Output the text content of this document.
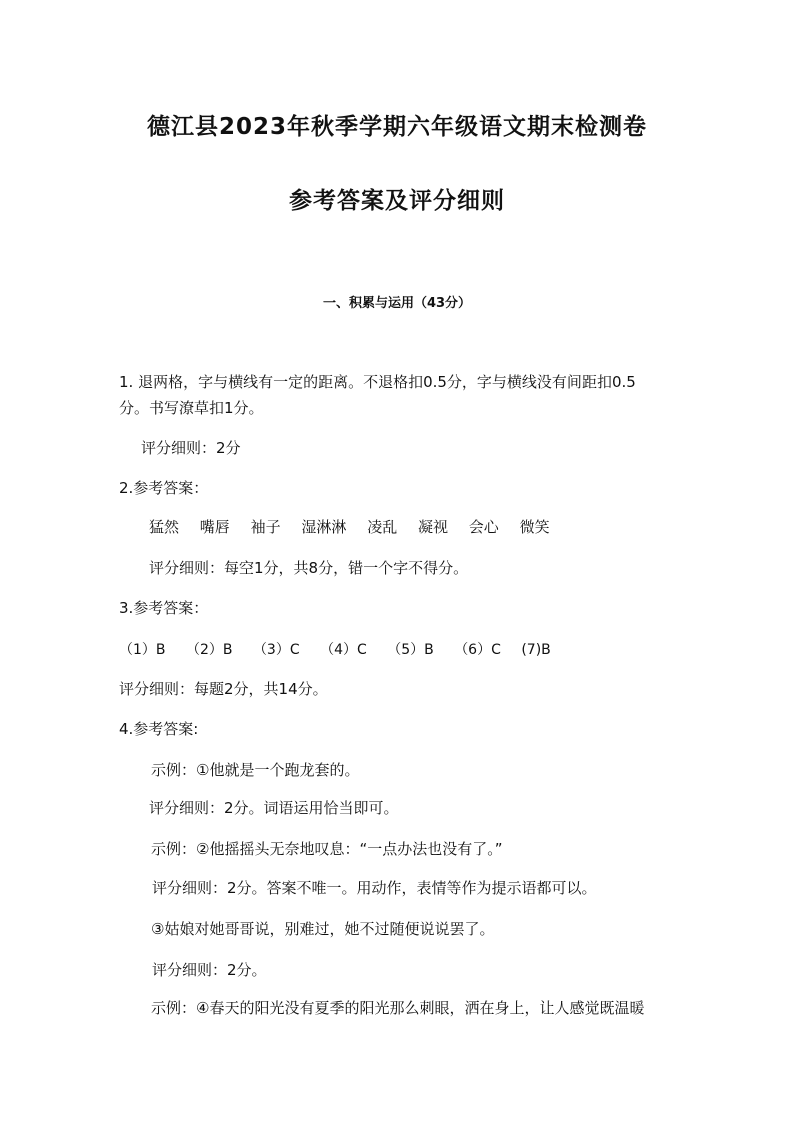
德江县2023年秋季学期六年级语文期末检测卷
参考答案及评分细则
一、积累与运用（43分）
1. 退两格，字与横线有一定的距离。不退格扣0.5分，字与横线没有间距扣0.5
分。书写潦草扣1分。
评分细则：2分
2.参考答案：
猛然 嘴唇 袖子 湿淋淋 凌乱 凝视 会心 微笑
评分细则：每空1分，共8分，错一个字不得分。
3.参考答案：
（1）B （2）B （3）C （4）C （5）B （6）C (7)B
评分细则：每题2分，共14分。
4.参考答案:
示例：①他就是一个跑龙套的。
评分细则：2分。词语运用恰当即可。
示例：②他摇摇头无奈地叹息：“一点办法也没有了。”
评分细则：2分。答案不唯一。用动作，表情等作为提示语都可以。
③姑娘对她哥哥说，别难过，她不过随便说说罢了。
评分细则：2分。
示例：④春天的阳光没有夏季的阳光那么刺眼，洒在身上，让人感觉既温暖
